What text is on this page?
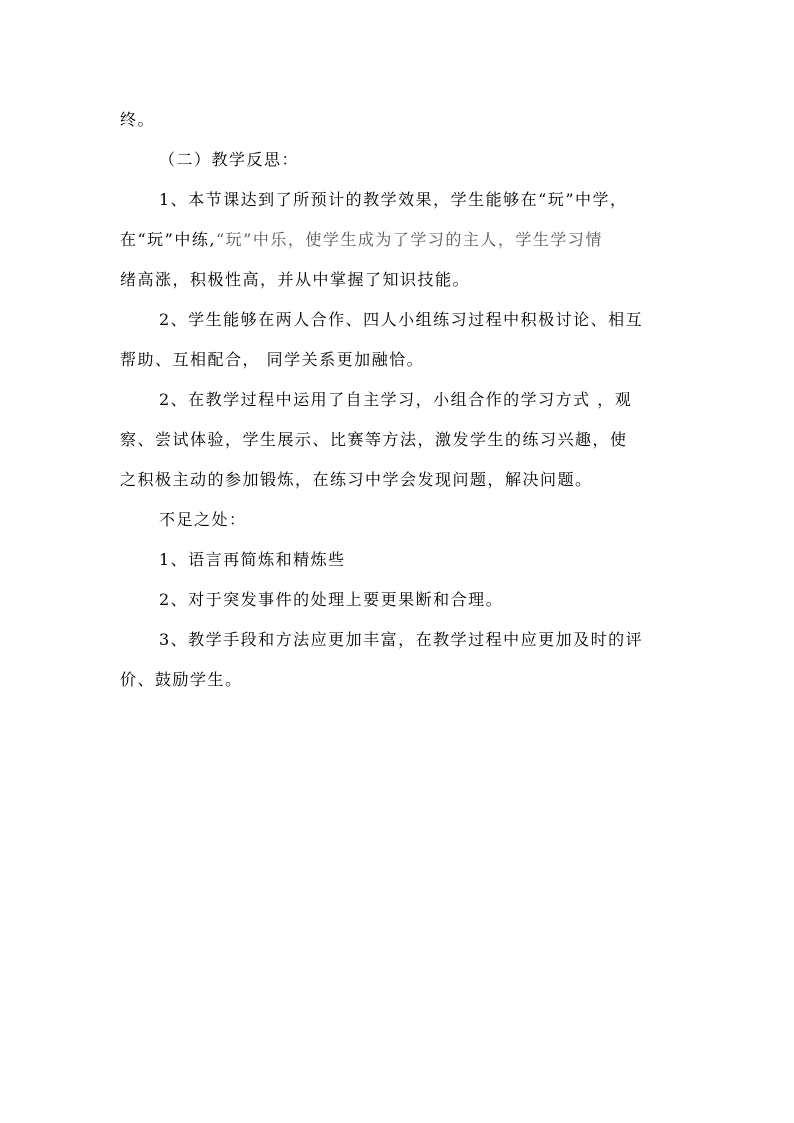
终。
（二）教学反思：
1、本节课达到了所预计的教学效果，学生能够在“玩”中学，
在“玩”中练,“玩”中乐，使学生成为了学习的主人，学生学习情
绪高涨，积极性高，并从中掌握了知识技能。
2、学生能够在两人合作、四人小组练习过程中积极讨论、相互
帮助、互相配合， 同学关系更加融恰。
2、在教学过程中运用了自主学习，小组合作的学习方式 ，观
察、尝试体验，学生展示、比赛等方法，激发学生的练习兴趣，使
之积极主动的参加锻炼，在练习中学会发现问题，解决问题。
不足之处：
1、语言再简炼和精炼些
2、对于突发事件的处理上要更果断和合理。
3、教学手段和方法应更加丰富，在教学过程中应更加及时的评
价、鼓励学生。
